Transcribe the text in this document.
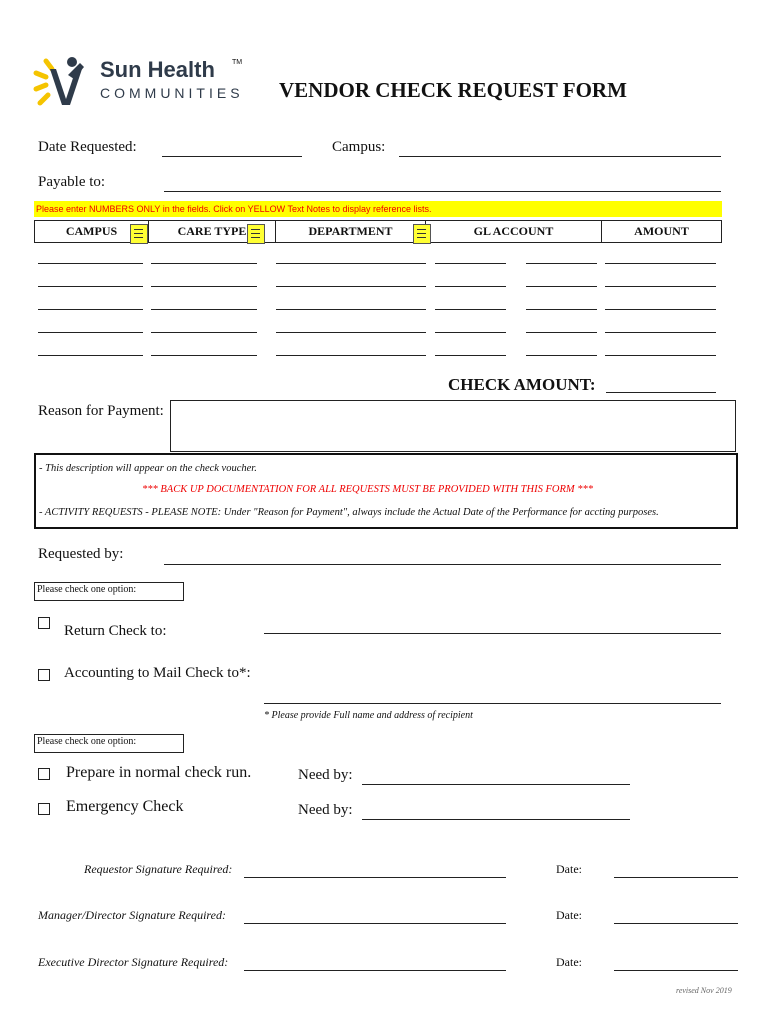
Sun Health TM
COMMUNITIES VENDOR CHECK REQUEST FORM
Date Requested:	Campus:
Payable to:
Please enter NUMBERS ONLY in the fields. Click on YELLOW Text Notes to display reference lists.
CAMPUS	CARE TYPE	DEPARTMENT	GL ACCOUNT	AMOUNT
CHECK AMOUNT:
Reason for Payment:
- This description will appear on the check voucher.
*** BACK UP DOCUMENTATION FOR ALL REQUESTS MUST BE PROVIDED WITH THIS FORM ***
- ACTIVITY REQUESTS - PLEASE NOTE: Under "Reason for Payment", always include the Actual Date of the Performance for accting purposes.
Requested by:
Please check one option:
Return Check to:
Accounting to Mail Check to*:
* Please provide Full name and address of recipient
Please check one option:
Prepare in normal check run.	Need by:
Emergency Check	Need by:
Requestor Signature Required:	Date:
Manager/Director Signature Required:	Date:
Executive Director Signature Required:	Date:
revised Nov 2019
